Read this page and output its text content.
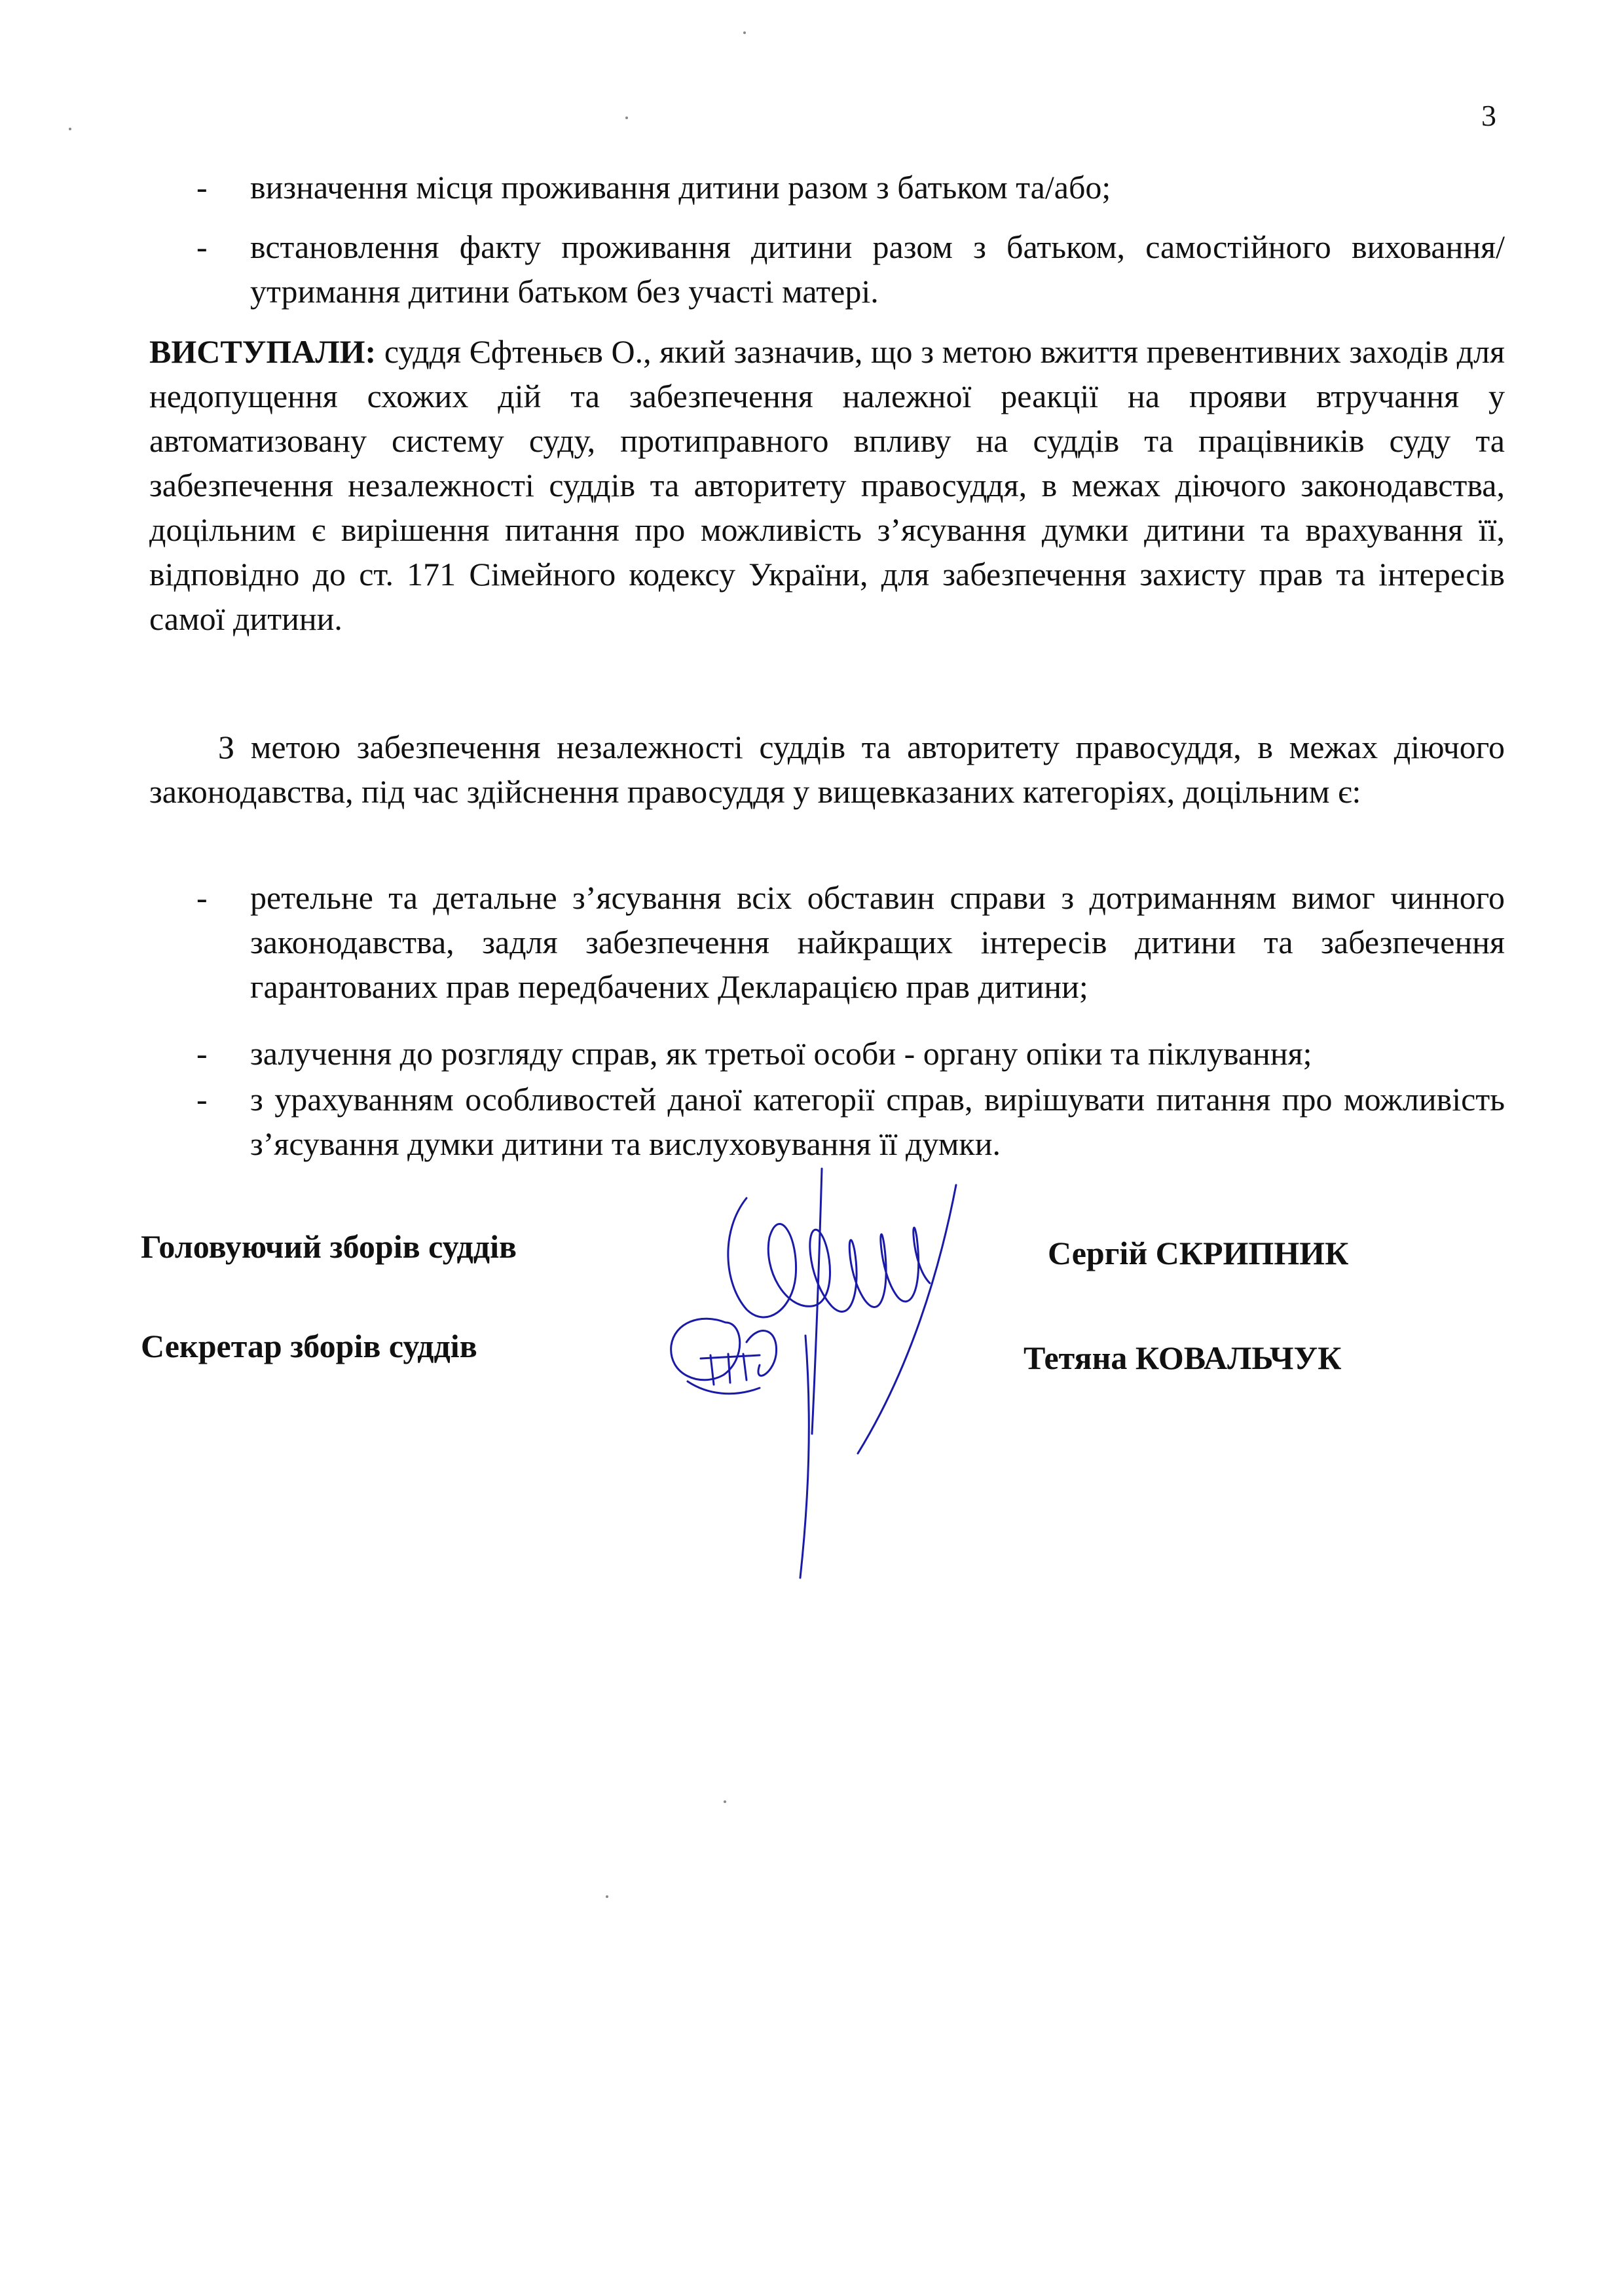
3
- визначення місця проживання дитини разом з батьком та/або;
- встановлення факту проживання дитини разом з батьком, самостійного виховання/утримання дитини батьком без участі матері.
ВИСТУПАЛИ: суддя Єфтеньєв О., який зазначив, що з метою вжиття превентивних заходів для недопущення схожих дій та забезпечення належної реакції на прояви втручання у автоматизовану систему суду, протиправного впливу на суддів та працівників суду та забезпечення незалежності суддів та авторитету правосуддя, в межах діючого законодавства, доцільним є вирішення питання про можливість з’ясування думки дитини та врахування її, відповідно до ст. 171 Сімейного кодексу України, для забезпечення захисту прав та інтересів самої дитини.
З метою забезпечення незалежності суддів та авторитету правосуддя, в межах діючого законодавства, під час здійснення правосуддя у вищевказаних категоріях, доцільним є:
- ретельне та детальне з’ясування всіх обставин справи з дотриманням вимог чинного законодавства, задля забезпечення найкращих інтересів дитини та забезпечення гарантованих прав передбачених Декларацією прав дитини;
- залучення до розгляду справ, як третьої особи - органу опіки та піклування;
- з урахуванням особливостей даної категорії справ, вирішувати питання про можливість з’ясування думки дитини та вислуховування її думки.
Головуючий зборів суддів	Сергій СКРИПНИК
Секретар зборів суддів	Тетяна КОВАЛЬЧУК
